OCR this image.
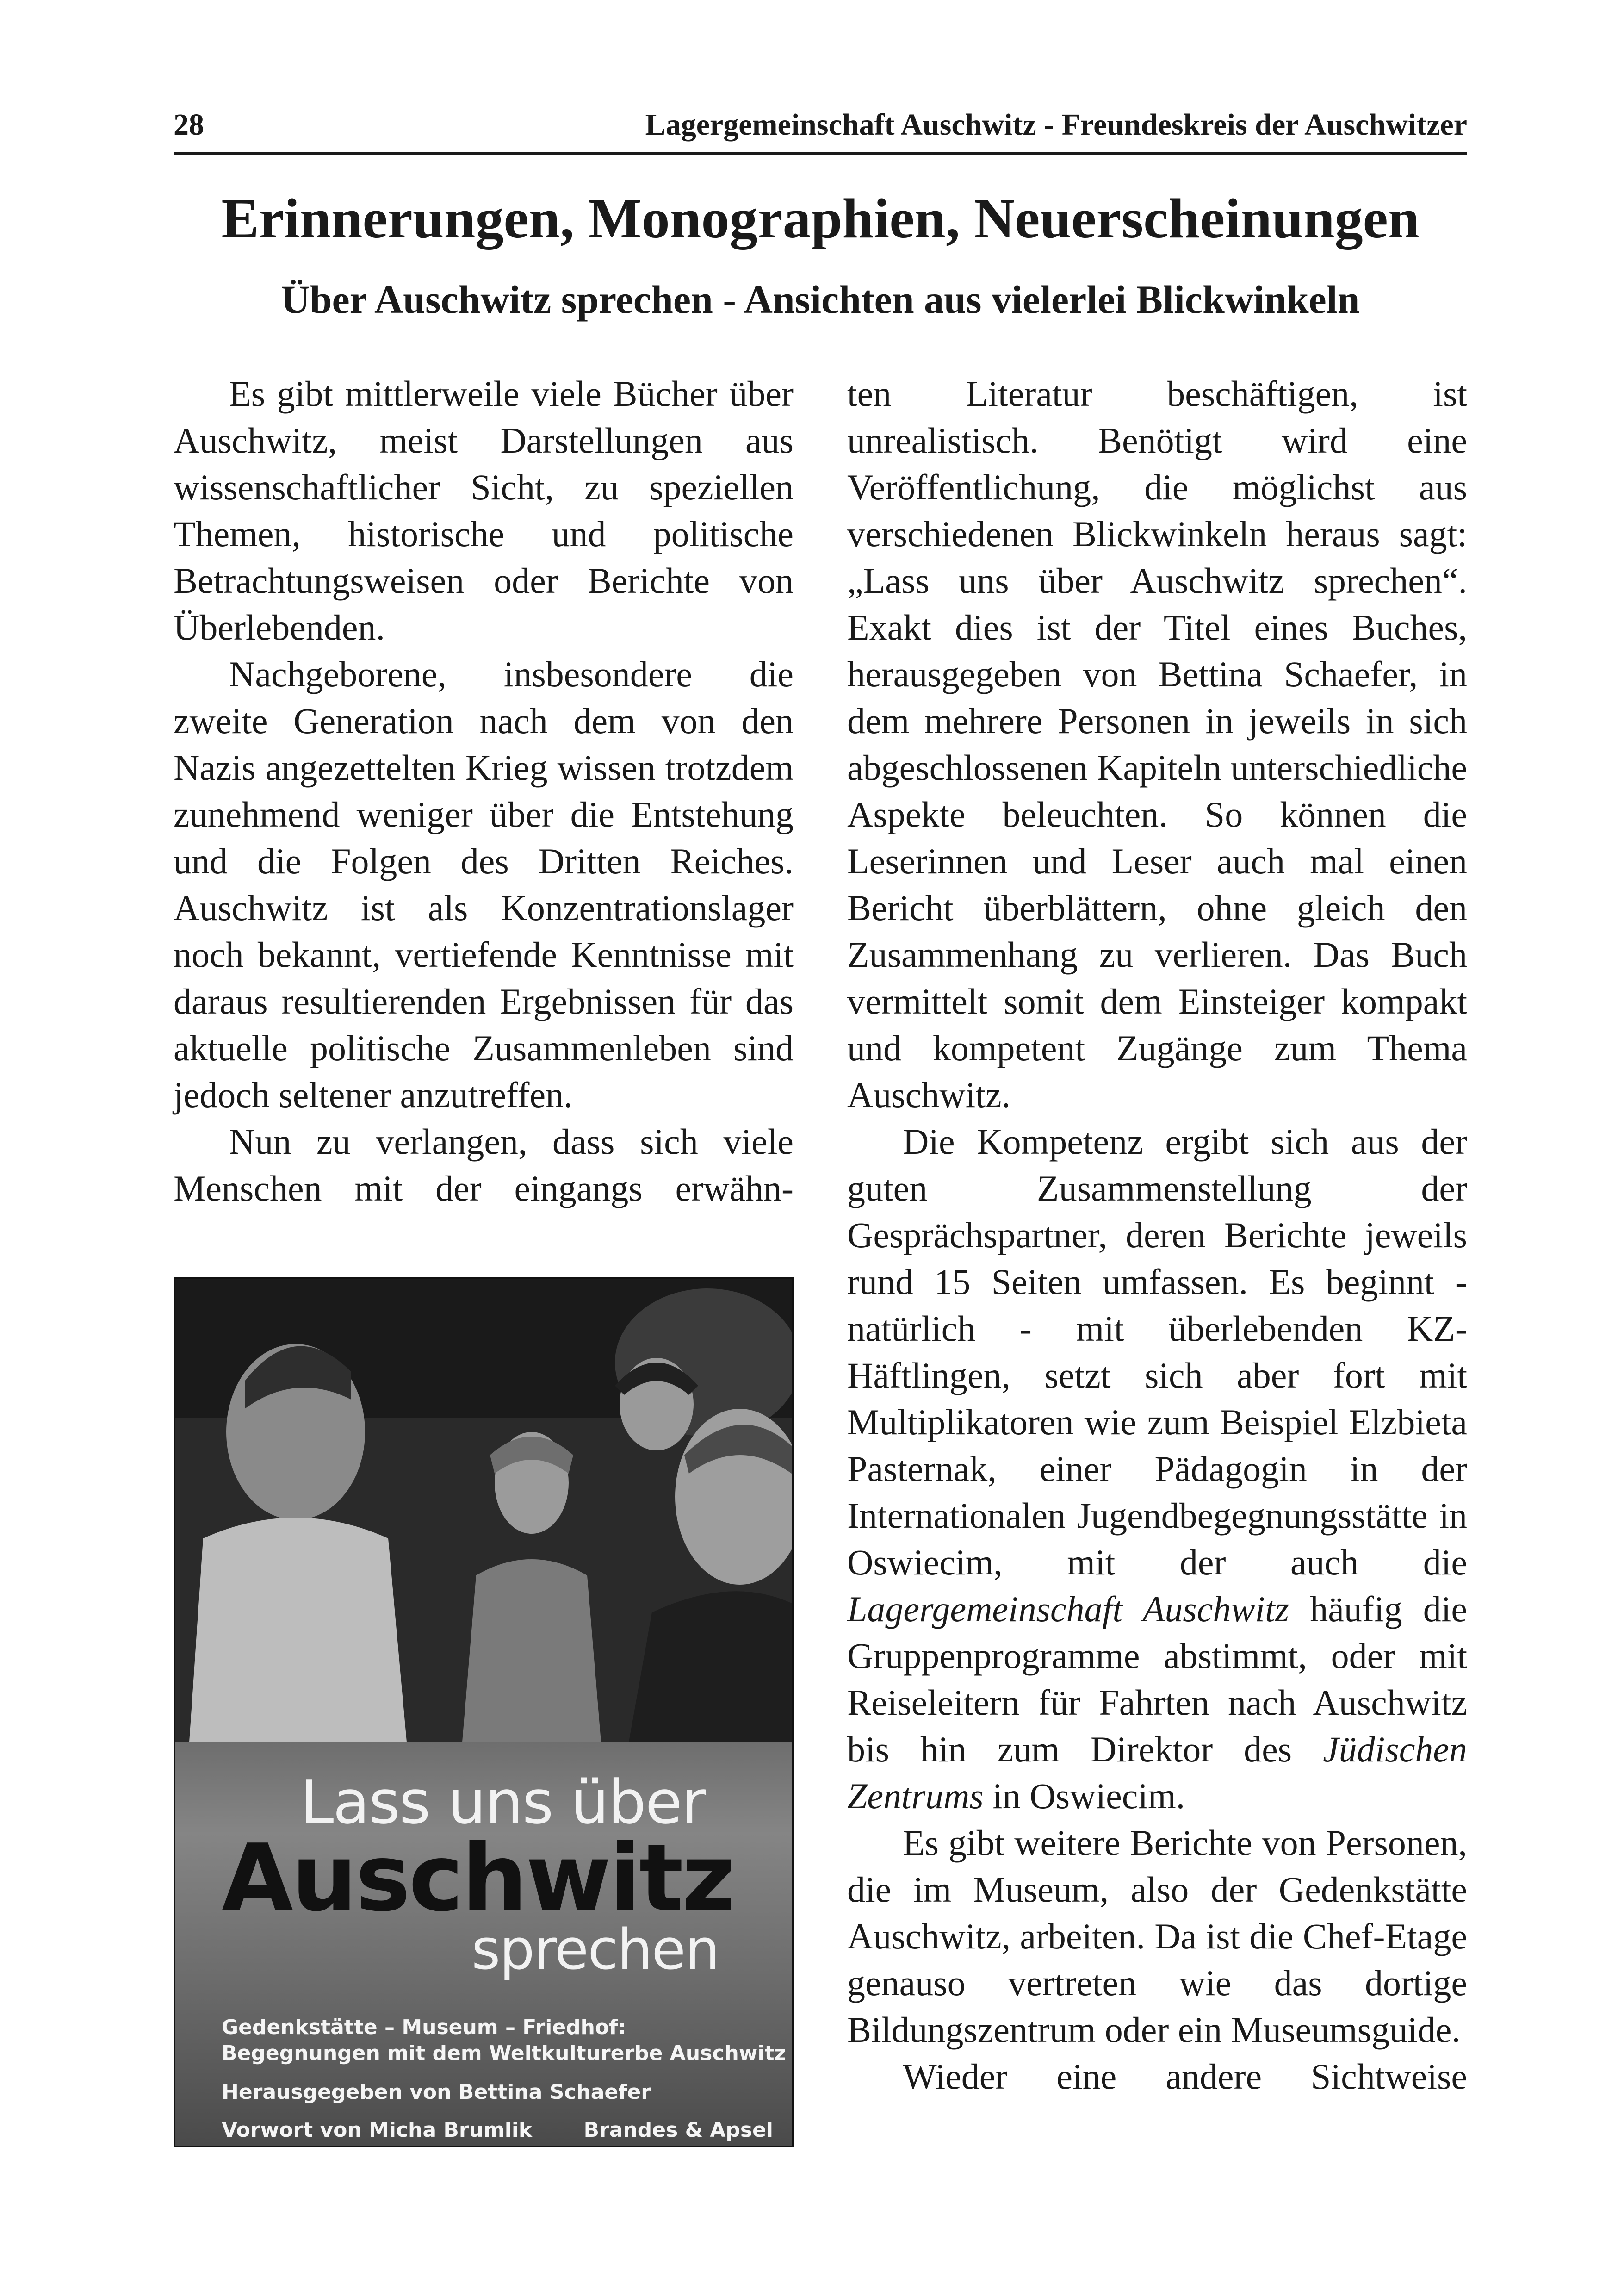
28	Lagergemeinschaft Auschwitz - Freundeskreis der Auschwitzer
Erinnerungen, Monographien, Neuerscheinungen
Über Auschwitz sprechen - Ansichten aus vielerlei Blickwinkeln

Es gibt mittlerweile viele Bücher über Auschwitz, meist Darstellungen aus wissenschaftlicher Sicht, zu speziellen Themen, historische und politische Betrachtungsweisen oder Berichte von Überlebenden.

Nachgeborene, insbesondere die zweite Generation nach dem von den Nazis angezettelten Krieg wissen trotzdem zunehmend weniger über die Entstehung und die Folgen des Dritten Reiches. Auschwitz ist als Konzentrationslager noch bekannt, vertiefende Kenntnisse mit daraus resultierenden Ergebnissen für das aktuelle politische Zusammenleben sind jedoch seltener anzutreffen.

Nun zu verlangen, dass sich viele Menschen mit der eingangs erwähn-

Lass uns über
Auschwitz
sprechen
Gedenkstätte – Museum – Friedhof:
Begegnungen mit dem Weltkulturerbe Auschwitz
Herausgegeben von Bettina Schaefer
Vorwort von Micha Brumlik	Brandes & Apsel

ten Literatur beschäftigen, ist unrealistisch. Benötigt wird eine Veröffentlichung, die möglichst aus verschiedenen Blickwinkeln heraus sagt: „Lass uns über Auschwitz sprechen“. Exakt dies ist der Titel eines Buches, herausgegeben von Bettina Schaefer, in dem mehrere Personen in jeweils in sich abgeschlossenen Kapiteln unterschiedliche Aspekte beleuchten. So können die Leserinnen und Leser auch mal einen Bericht überblättern, ohne gleich den Zusammenhang zu verlieren. Das Buch vermittelt somit dem Einsteiger kompakt und kompetent Zugänge zum Thema Auschwitz.

Die Kompetenz ergibt sich aus der guten Zusammenstellung der Gesprächspartner, deren Berichte jeweils rund 15 Seiten umfassen. Es beginnt - natürlich - mit überlebenden KZ-Häftlingen, setzt sich aber fort mit Multiplikatoren wie zum Beispiel Elzbieta Pasternak, einer Pädagogin in der Internationalen Jugendbegegnungsstätte in Oswiecim, mit der auch die Lagergemeinschaft Auschwitz häufig die Gruppenprogramme abstimmt, oder mit Reiseleitern für Fahrten nach Auschwitz bis hin zum Direktor des Jüdischen Zentrums in Oswiecim.

Es gibt weitere Berichte von Personen, die im Museum, also der Gedenkstätte Auschwitz, arbeiten. Da ist die Chef-Etage genauso vertreten wie das dortige Bildungszentrum oder ein Museumsguide.

Wieder eine andere Sichtweise
